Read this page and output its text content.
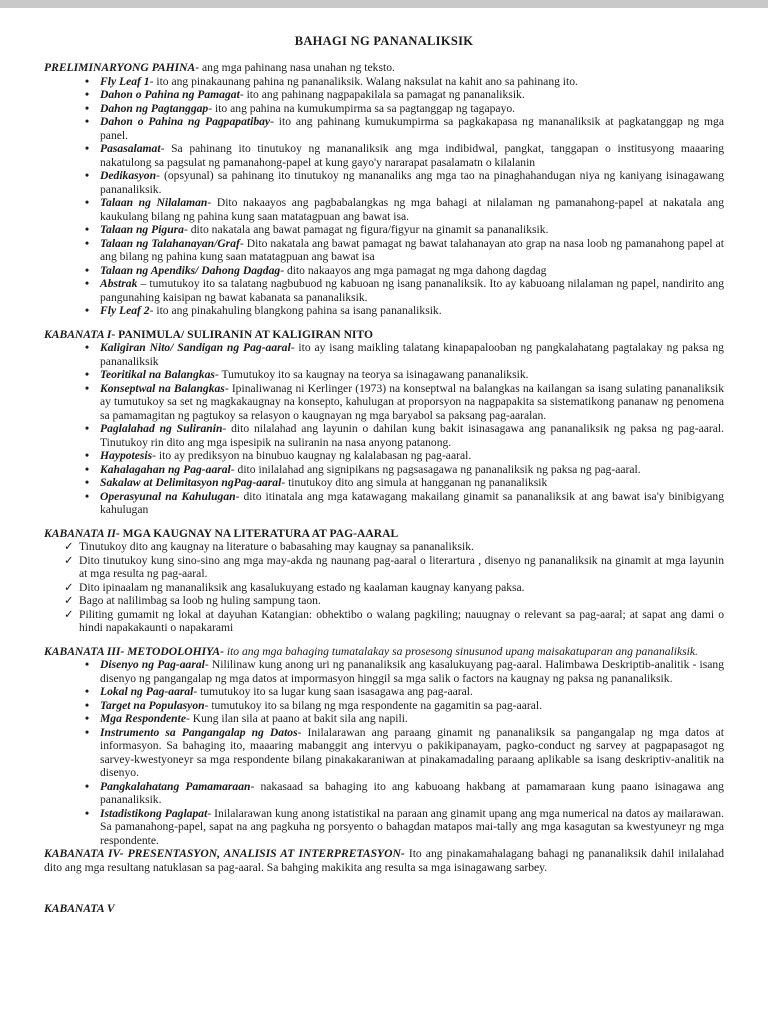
BAHAGI NG PANANALIKSIK

PRELIMINARYONG PAHINA- ang mga pahinang nasa unahan ng teksto.

• Fly Leaf 1- ito ang pinakaunang pahina ng pananaliksik. Walang naksulat na kahit ano sa pahinang ito.
• Dahon o Pahina ng Pamagat- ito ang pahinang nagpapakilala sa pamagat ng pananaliksik.
• Dahon ng Pagtanggap- ito ang pahina na kumukumpirma sa sa pagtanggap ng tagapayo.
• Dahon o Pahina ng Pagpapatibay- ito ang pahinang kumukumpirma sa pagkakapasa ng mananaliksik at pagkatanggap ng mga panel.
• Pasasalamat- Sa pahinang ito tinutukoy ng mananaliksik ang mga indibidwal, pangkat, tanggapan o institusyong maaaring nakatulong sa pagsulat ng pamanahong-papel at kung gayo'y nararapat pasalamatn o kilalanin
• Dedikasyon- (opsyunal) sa pahinang ito tinutukoy ng mananaliks ang mga tao na pinaghahandugan niya ng kaniyang isinagawang pananaliksik.
• Talaan ng Nilalaman- Dito nakaayos ang pagbabalangkas ng mga bahagi at nilalaman ng pamanahong-papel at nakatala ang kaukulang bilang ng pahina kung saan matatagpuan ang bawat isa.
• Talaan ng Pigura- dito nakatala ang bawat pamagat ng figura/figyur na ginamit sa pananaliksik.
• Talaan ng Talahanayan/Graf- Dito nakatala ang bawat pamagat ng bawat talahanayan ato grap na nasa loob ng pamanahong papel at ang bilang ng pahina kung saan matatagpuan ang bawat isa
• Talaan ng Apendiks/ Dahong Dagdag- dito nakaayos ang mga pamagat ng mga dahong dagdag
• Abstrak – tumutukoy ito sa talatang nagbubuod ng kabuoan ng isang pananaliksik. Ito ay kabuoang nilalaman ng papel, nandirito ang pangunahing kaisipan ng bawat kabanata sa pananaliksik.
• Fly Leaf 2- ito ang pinakahuling blangkong pahina sa isang pananaliksik.

KABANATA I- PANIMULA/ SULIRANIN AT KALIGIRAN NITO

• Kaligiran Nito/ Sandigan ng Pag-aaral- ito ay isang maikling talatang kinapapalooban ng pangkalahatang pagtalakay ng paksa ng pananaliksik
• Teoritikal na Balangkas- Tumutukoy ito sa kaugnay na teorya sa isinagawang pananaliksik.
• Konseptwal na Balangkas- Ipinaliwanag ni Kerlinger (1973) na konseptwal na balangkas na kailangan sa isang sulating pananaliksik ay tumutukoy sa set ng magkakaugnay na konsepto, kahulugan at proporsyon na nagpapakita sa sistematikong pananaw ng penomena sa pamamagitan ng pagtukoy sa relasyon o kaugnayan ng mga baryabol sa paksang pag-aaralan.
• Paglalahad ng Suliranin- dito nilalahad ang layunin o dahilan kung bakit isinasagawa ang pananaliksik ng paksa ng pag-aaral. Tinutukoy rin dito ang mga ispesipik na suliranin na nasa anyong patanong.
• Haypotesis- ito ay prediksyon na binubuo kaugnay ng kalalabasan ng pag-aaral.
• Kahalagahan ng Pag-aaral- dito inilalahad ang signipikans ng pagsasagawa ng pananaliksik ng paksa ng pag-aaral.
• Sakalaw at Delimitasyon ngPag-aaral- tinutukoy dito ang simula at hangganan ng pananaliksik
• Operasyunal na Kahulugan- dito itinatala ang mga katawagang makailang ginamit sa pananaliksik at ang bawat isa'y binibigyang kahulugan

KABANATA II- MGA KAUGNAY NA LITERATURA AT PAG-AARAL

✓ Tinutukoy dito ang kaugnay na literature o babasahing may kaugnay sa pananaliksik.
✓ Dito tinutukoy kung sino-sino ang mga may-akda ng naunang pag-aaral o literartura , disenyo ng pananaliksik na ginamit at mga layunin at mga resulta ng pag-aaral.
✓ Dito ipinaalam ng mananaliksik ang kasalukuyang estado ng kaalaman kaugnay kanyang paksa.
✓ Bago at nalilimbag sa loob ng huling sampung taon.
✓ Piliting gumamit ng lokal at dayuhan Katangian: obhektibo o walang pagkiling; nauugnay o relevant sa pag-aaral; at sapat ang dami o hindi napakakaunti o napakarami

KABANATA III- METODOLOHIYA- ito ang mga bahaging tumatalakay sa prosesong sinusunod upang maisakatuparan ang pananaliksik.

• Disenyo ng Pag-aaral- Nililinaw kung anong uri ng pananaliksik ang kasalukuyang pag-aaral. Halimbawa Deskriptib-analitik - isang disenyo ng pangangalap ng mga datos at impormasyon hinggil sa mga salik o factors na kaugnay ng paksa ng pananaliksik.
• Lokal ng Pag-aaral- tumutukoy ito sa lugar kung saan isasagawa ang pag-aaral.
• Target na Populasyon- tumutukoy ito sa bilang ng mga respondente na gagamitin sa pag-aaral.
• Mga Respondente- Kung ilan sila at paano at bakit sila ang napili.
• Instrumento sa Pangangalap ng Datos- Inilalarawan ang paraang ginamit ng pananaliksik sa pangangalap ng mga datos at informasyon. Sa bahaging ito, maaaring mabanggit ang intervyu o pakikipanayam, pagko-conduct ng sarvey at pagpapasagot ng sarvey-kwestyoneyr sa mga respondente bilang pinakakaraniwan at pinakamadaling paraang aplikable sa isang deskriptiv-analitik na disenyo.
• Pangkalahatang Pamamaraan- nakasaad sa bahaging ito ang kabuoang hakbang at pamamaraan kung paano isinagawa ang pananaliksik.
• Istadistikong Paglapat- Inilalarawan kung anong istatistikal na paraan ang ginamit upang ang mga numerical na datos ay mailarawan. Sa pamanahong-papel, sapat na ang pagkuha ng porsyento o bahagdan matapos mai-tally ang mga kasagutan sa kwestyuneyr ng mga respondente.

KABANATA IV- PRESENTASYON, ANALISIS AT INTERPRETASYON- Ito ang pinakamahalagang bahagi ng pananaliksik dahil inilalahad dito ang mga resultang natuklasan sa pag-aaral. Sa bahging makikita ang resulta sa mga isinagawang sarbey.

KABANATA V
